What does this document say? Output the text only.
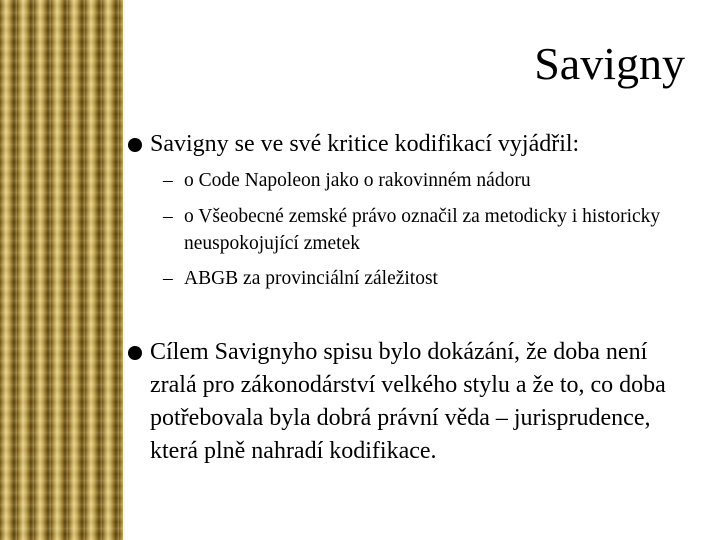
Savigny
Savigny se ve své kritice kodifikací vyjádřil:
– o Code Napoleon jako o rakovinném nádoru
– o Všeobecné zemské právo označil za metodicky i historicky neuspokojující zmetek
– ABGB za provinciální záležitost
Cílem Savignyho spisu bylo dokázání, že doba není zralá pro zákonodárství velkého stylu a že to, co doba potřebovala byla dobrá právní věda – jurisprudence, která plně nahradí kodifikace.
